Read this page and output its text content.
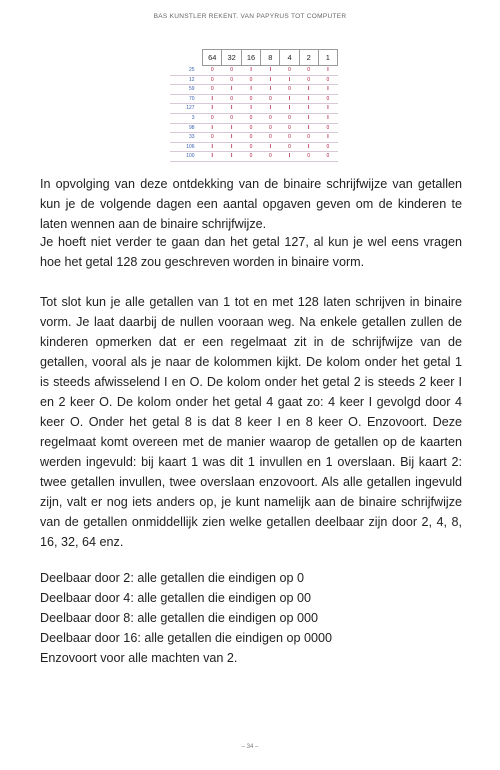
BAS KUNSTLER REKENT. VAN PAPYRUS TOT COMPUTER
	64	32	16	8	4	2	1
25	0	0	I	I	0	0	I
12	0	0	0	I	I	0	0
59	0	I	I	I	0	I	I
70	I	0	0	0	I	I	0
127	I	I	I	I	I	I	I
3	0	0	0	0	0	I	I
98	I	I	0	0	0	I	0
33	0	I	0	0	0	0	I
106	I	I	0	I	0	I	0
100	I	I	0	0	I	0	0

In opvolging van deze ontdekking van de binaire schrijfwijze van getallen kun je de volgende dagen een aantal opgaven geven om de kinderen te laten wennen aan de binaire schrijfwijze.

Je hoeft niet verder te gaan dan het getal 127, al kun je wel eens vragen hoe het getal 128 zou geschreven worden in binaire vorm.

Tot slot kun je alle getallen van 1 tot en met 128 laten schrijven in binaire vorm. Je laat daarbij de nullen vooraan weg. Na enkele getallen zullen de kinderen opmerken dat er een regelmaat zit in de schrijfwijze van de getallen, vooral als je naar de kolommen kijkt. De kolom onder het getal 1 is steeds afwisselend I en O. De kolom onder het getal 2 is steeds 2 keer I en 2 keer O. De kolom onder het getal 4 gaat zo: 4 keer I gevolgd door 4 keer O. Onder het getal 8 is dat 8 keer I en 8 keer O. Enzovoort. Deze regelmaat komt overeen met de manier waarop de getallen op de kaarten werden ingevuld: bij kaart 1 was dit 1 invullen en 1 overslaan. Bij kaart 2: twee getallen invullen, twee overslaan enzovoort. Als alle getallen ingevuld zijn, valt er nog iets anders op, je kunt namelijk aan de binaire schrijfwijze van de getallen onmiddellijk zien welke getallen deelbaar zijn door 2, 4, 8, 16, 32, 64 enz.

Deelbaar door 2: alle getallen die eindigen op 0
Deelbaar door 4: alle getallen die eindigen op 00
Deelbaar door 8: alle getallen die eindigen op 000
Deelbaar door 16: alle getallen die eindigen op 0000
Enzovoort voor alle machten van 2.
– 34 –
